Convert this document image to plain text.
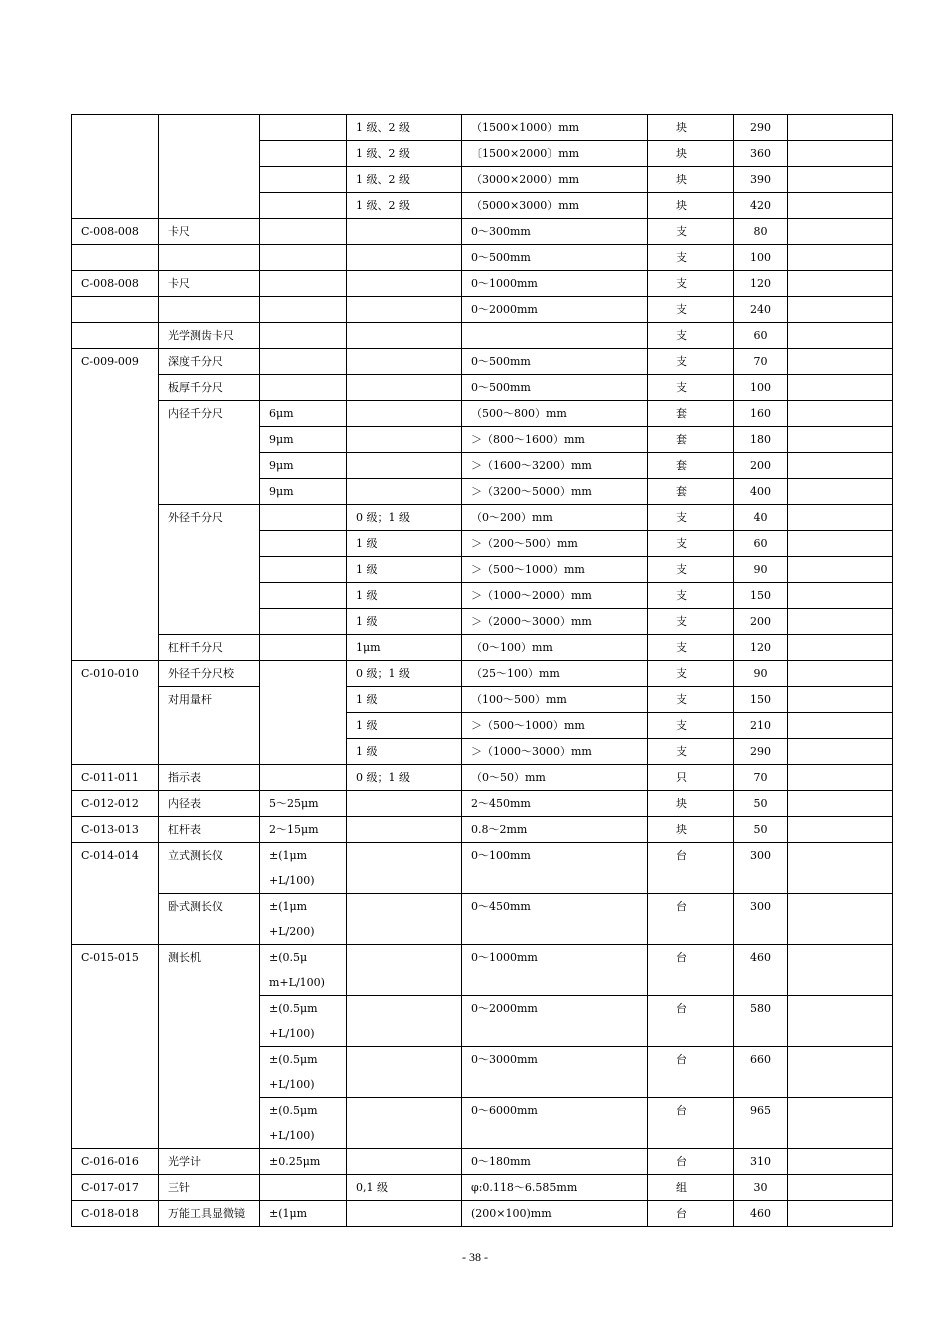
			1 级、2 级	（1500×1000）mm	块	290	
			1 级、2 级	〔1500×2000〕mm	块	360	
			1 级、2 级	（3000×2000）mm	块	390	
			1 级、2 级	（5000×3000）mm	块	420	
C-008-008	卡尺			0～300mm	支	80	
				0～500mm	支	100	
C-008-008	卡尺			0～1000mm	支	120	
				0～2000mm	支	240	
	光学测齿卡尺				支	60	
C-009-009	深度千分尺			0～500mm	支	70	
	板厚千分尺			0～500mm	支	100	
	内径千分尺	6μm		（500～800）mm	套	160	
		9μm		＞（800～1600）mm	套	180	
		9μm		＞（1600～3200）mm	套	200	
		9μm		＞（3200～5000）mm	套	400	
	外径千分尺		0 级；1 级	（0～200）mm	支	40	
			1 级	＞（200～500）mm	支	60	
			1 级	＞（500～1000）mm	支	90	
			1 级	＞（1000～2000）mm	支	150	
			1 级	＞（2000～3000）mm	支	200	
	杠杆千分尺		1μm	（0～100）mm	支	120	
C-010-010	外径千分尺校		0 级；1 级	（25～100）mm	支	90	
	对用量杆		1 级	（100～500）mm	支	150	
			1 级	＞（500～1000）mm	支	210	
			1 级	＞（1000～3000）mm	支	290	
C-011-011	指示表		0 级；1 级	（0～50）mm	只	70	
C-012-012	内径表	5～25μm		2～450mm	块	50	
C-013-013	杠杆表	2～15μm		0.8～2mm	块	50	
C-014-014	立式测长仪	±(1μm
+L/100)		0～100mm	台	300	
	卧式测长仪	±(1μm
+L/200)		0～450mm	台	300	
C-015-015	测长机	±(0.5μ
m+L/100)		0～1000mm	台	460	
		±(0.5μm
+L/100)		0～2000mm	台	580	
		±(0.5μm
+L/100)		0～3000mm	台	660	
		±(0.5μm
+L/100)		0～6000mm	台	965	
C-016-016	光学计	±0.25μm		0～180mm	台	310	
C-017-017	三针		0,1 级	φ:0.118～6.585mm	组	30	
C-018-018	万能工具显微镜	±(1μm		(200×100)mm	台	460	
- 38 -
